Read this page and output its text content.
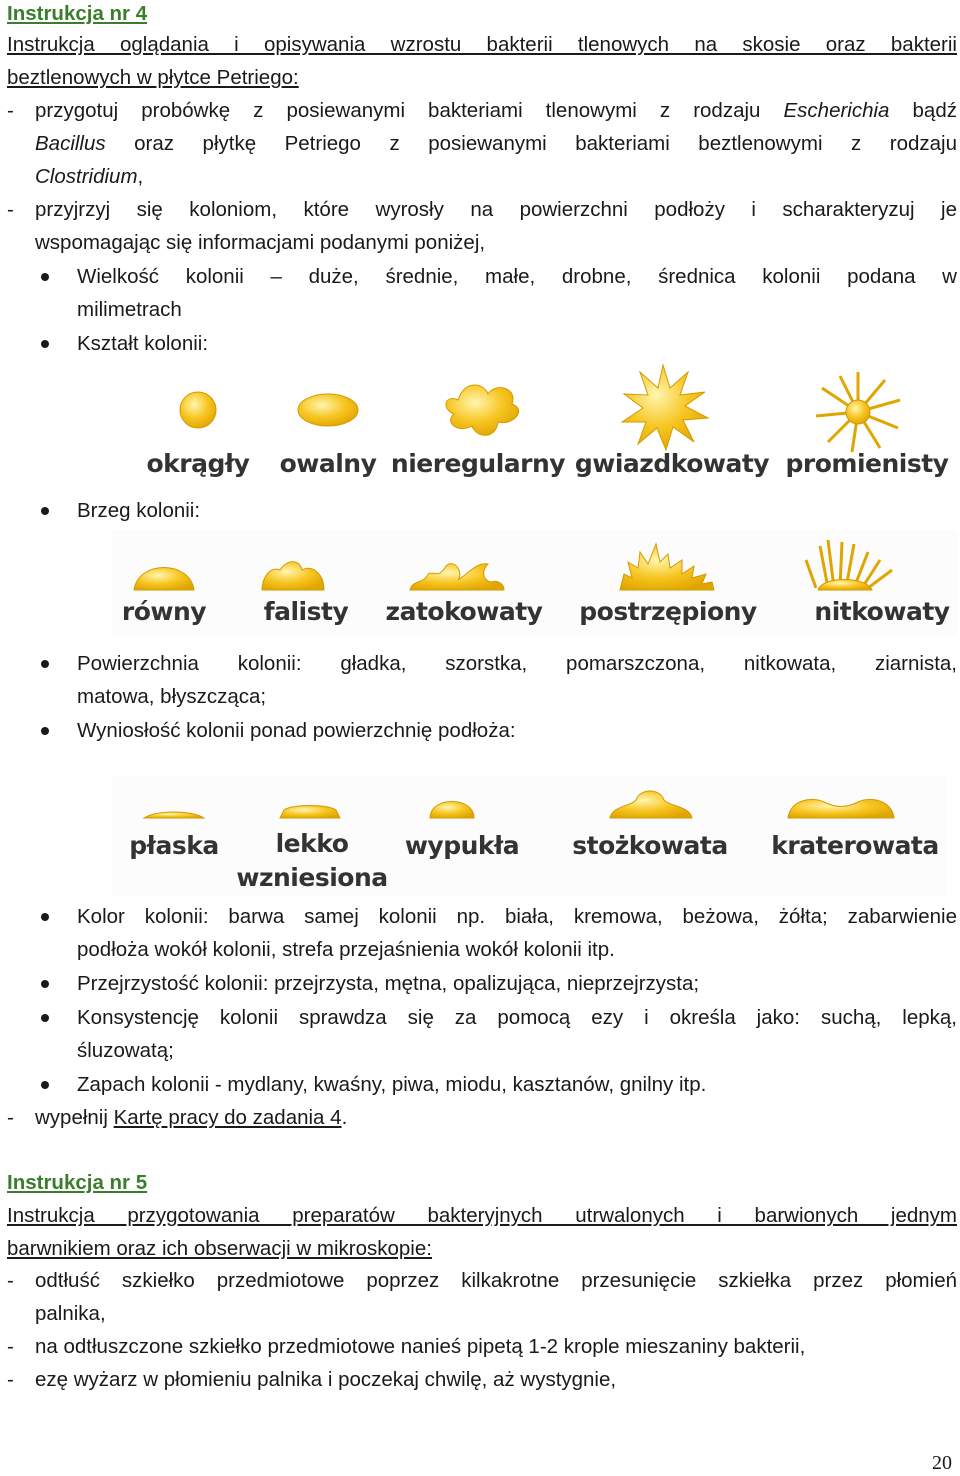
Instrukcja nr 4
Instrukcja oglądania i opisywania wzrostu bakterii tlenowych na skosie oraz bakterii
beztlenowych w płytce Petriego:
- przygotuj probówkę z posiewanymi bakteriami tlenowymi z rodzaju Escherichia bądź
Bacillus oraz płytkę Petriego z posiewanymi bakteriami beztlenowymi z rodzaju
Clostridium,
- przyjrzyj się koloniom, które wyrosły na powierzchni podłoży i scharakteryzuj je
wspomagając się informacjami podanymi poniżej,
Wielkość kolonii – duże, średnie, małe, drobne, średnica kolonii podana w
milimetrach
Kształt kolonii:
okrągły owalny nieregularny gwiazdkowaty promienisty
Brzeg kolonii:
równy falisty zatokowaty postrzępiony nitkowaty
Powierzchnia kolonii: gładka, szorstka, pomarszczona, nitkowata, ziarnista,
matowa, błyszcząca;
Wyniosłość kolonii ponad powierzchnię podłoża:
płaska lekko
wzniesiona
wypukła stożkowata kraterowata
Kolor kolonii: barwa samej kolonii np. biała, kremowa, beżowa, żółta; zabarwienie
podłoża wokół kolonii, strefa przejaśnienia wokół kolonii itp.
Przejrzystość kolonii: przejrzysta, mętna, opalizująca, nieprzejrzysta;
Konsystencję kolonii sprawdza się za pomocą ezy i określa jako: suchą, lepką,
śluzowatą;
Zapach kolonii - mydlany, kwaśny, piwa, miodu, kasztanów, gnilny itp.
- wypełnij Kartę pracy do zadania 4.
Instrukcja nr 5
Instrukcja przygotowania preparatów bakteryjnych utrwalonych i barwionych jednym
barwnikiem oraz ich obserwacji w mikroskopie:
- odtłuść szkiełko przedmiotowe poprzez kilkakrotne przesunięcie szkiełka przez płomień
palnika,
- na odtłuszczone szkiełko przedmiotowe nanieś pipetą 1-2 krople mieszaniny bakterii,
- ezę wyżarz w płomieniu palnika i poczekaj chwilę, aż wystygnie,
20
